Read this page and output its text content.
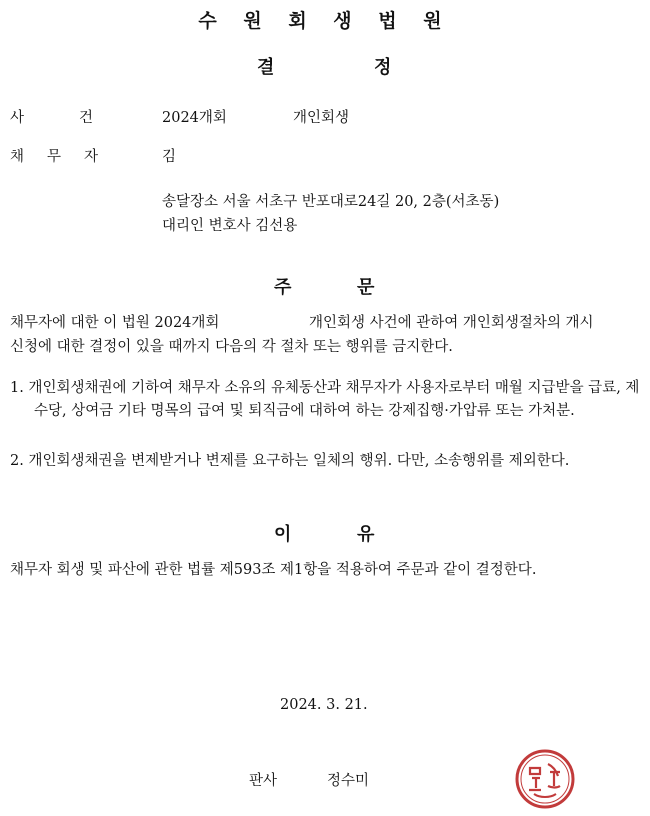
수 원 회 생 법 원
결	정
사	건	2024개회	개인회생
채 무 자	김
송달장소 서울 서초구 반포대로24길 20, 2층(서초동)
대리인 변호사 김선용
주	문
채무자에 대한 이 법원 2024개회	개인회생 사건에 관하여 개인회생절차의 개시
신청에 대한 결정이 있을 때까지 다음의 각 절차 또는 행위를 금지한다.
1. 개인회생채권에 기하여 채무자 소유의 유체동산과 채무자가 사용자로부터 매월 지급받을 급료, 제수당, 상여금 기타 명목의 급여 및 퇴직금에 대하여 하는 강제집행·가압류 또는 가처분.
2. 개인회생채권을 변제받거나 변제를 요구하는 일체의 행위. 다만, 소송행위를 제외한다.
이	유
채무자 회생 및 파산에 관한 법률 제593조 제1항을 적용하여 주문과 같이 결정한다.
2024. 3. 21.
판사	정수미
